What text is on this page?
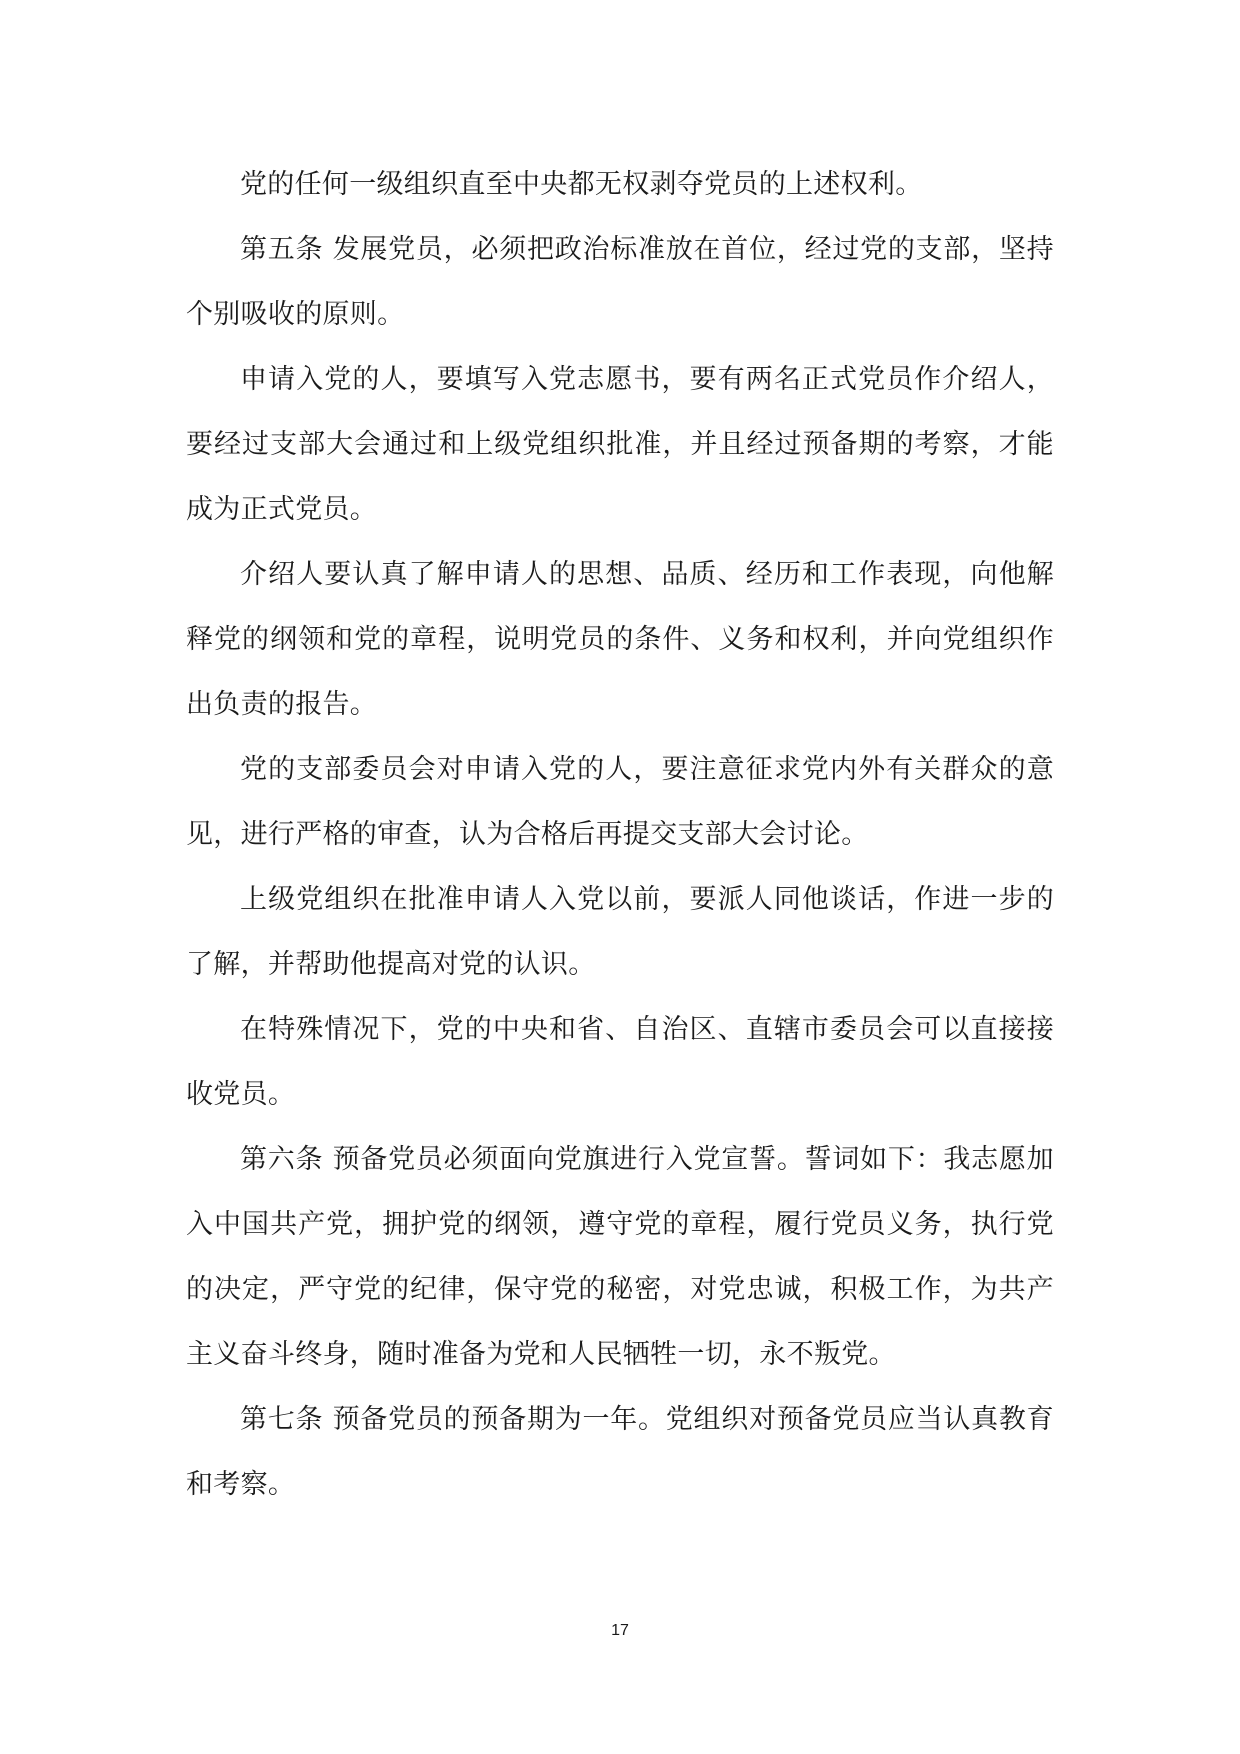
党的任何一级组织直至中央都无权剥夺党员的上述权利。

第五条 发展党员，必须把政治标准放在首位，经过党的支部，坚持个别吸收的原则。

申请入党的人，要填写入党志愿书，要有两名正式党员作介绍人，要经过支部大会通过和上级党组织批准，并且经过预备期的考察，才能成为正式党员。

介绍人要认真了解申请人的思想、品质、经历和工作表现，向他解释党的纲领和党的章程，说明党员的条件、义务和权利，并向党组织作出负责的报告。

党的支部委员会对申请入党的人，要注意征求党内外有关群众的意见，进行严格的审查，认为合格后再提交支部大会讨论。

上级党组织在批准申请人入党以前，要派人同他谈话，作进一步的了解，并帮助他提高对党的认识。

在特殊情况下，党的中央和省、自治区、直辖市委员会可以直接接收党员。

第六条 预备党员必须面向党旗进行入党宣誓。誓词如下：我志愿加入中国共产党，拥护党的纲领，遵守党的章程，履行党员义务，执行党的决定，严守党的纪律，保守党的秘密，对党忠诚，积极工作，为共产主义奋斗终身，随时准备为党和人民牺牲一切，永不叛党。

第七条 预备党员的预备期为一年。党组织对预备党员应当认真教育和考察。

17
